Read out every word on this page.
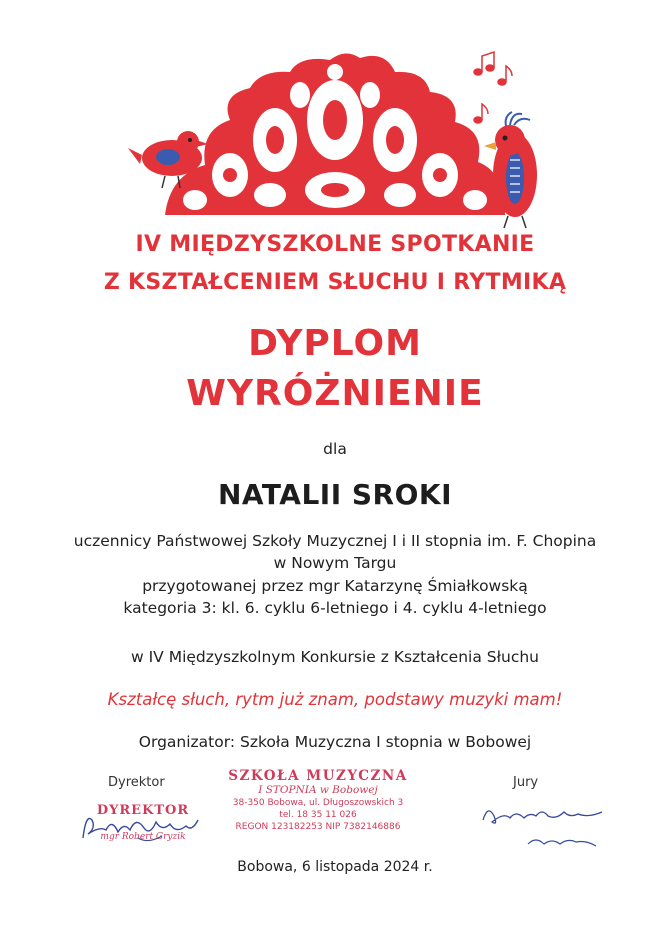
IV MIĘDZYSZKOLNE SPOTKANIE
Z KSZTAŁCENIEM SŁUCHU I RYTMIKĄ
DYPLOM
WYRÓŻNIENIE
dla
NATALII SROKI
uczennicy Państwowej Szkoły Muzycznej I i II stopnia im. F. Chopina
w Nowym Targu
przygotowanej przez mgr Katarzynę Śmiałkowską
kategoria 3: kl. 6. cyklu 6-letniego i 4. cyklu 4-letniego
w IV Międzyszkolnym Konkursie z Kształcenia Słuchu
Kształcę słuch, rytm już znam, podstawy muzyki mam!
Organizator: Szkoła Muzyczna I stopnia w Bobowej
Dyrektor	Jury
DYREKTOR
mgr Robert Gryzik
SZKOŁA MUZYCZNA
I STOPNIA w Bobowej
38-350 Bobowa, ul. Długoszowskich 3
tel. 18 35 11 026
REGON 123182253 NIP 7382146886
Bobowa, 6 listopada 2024 r.
